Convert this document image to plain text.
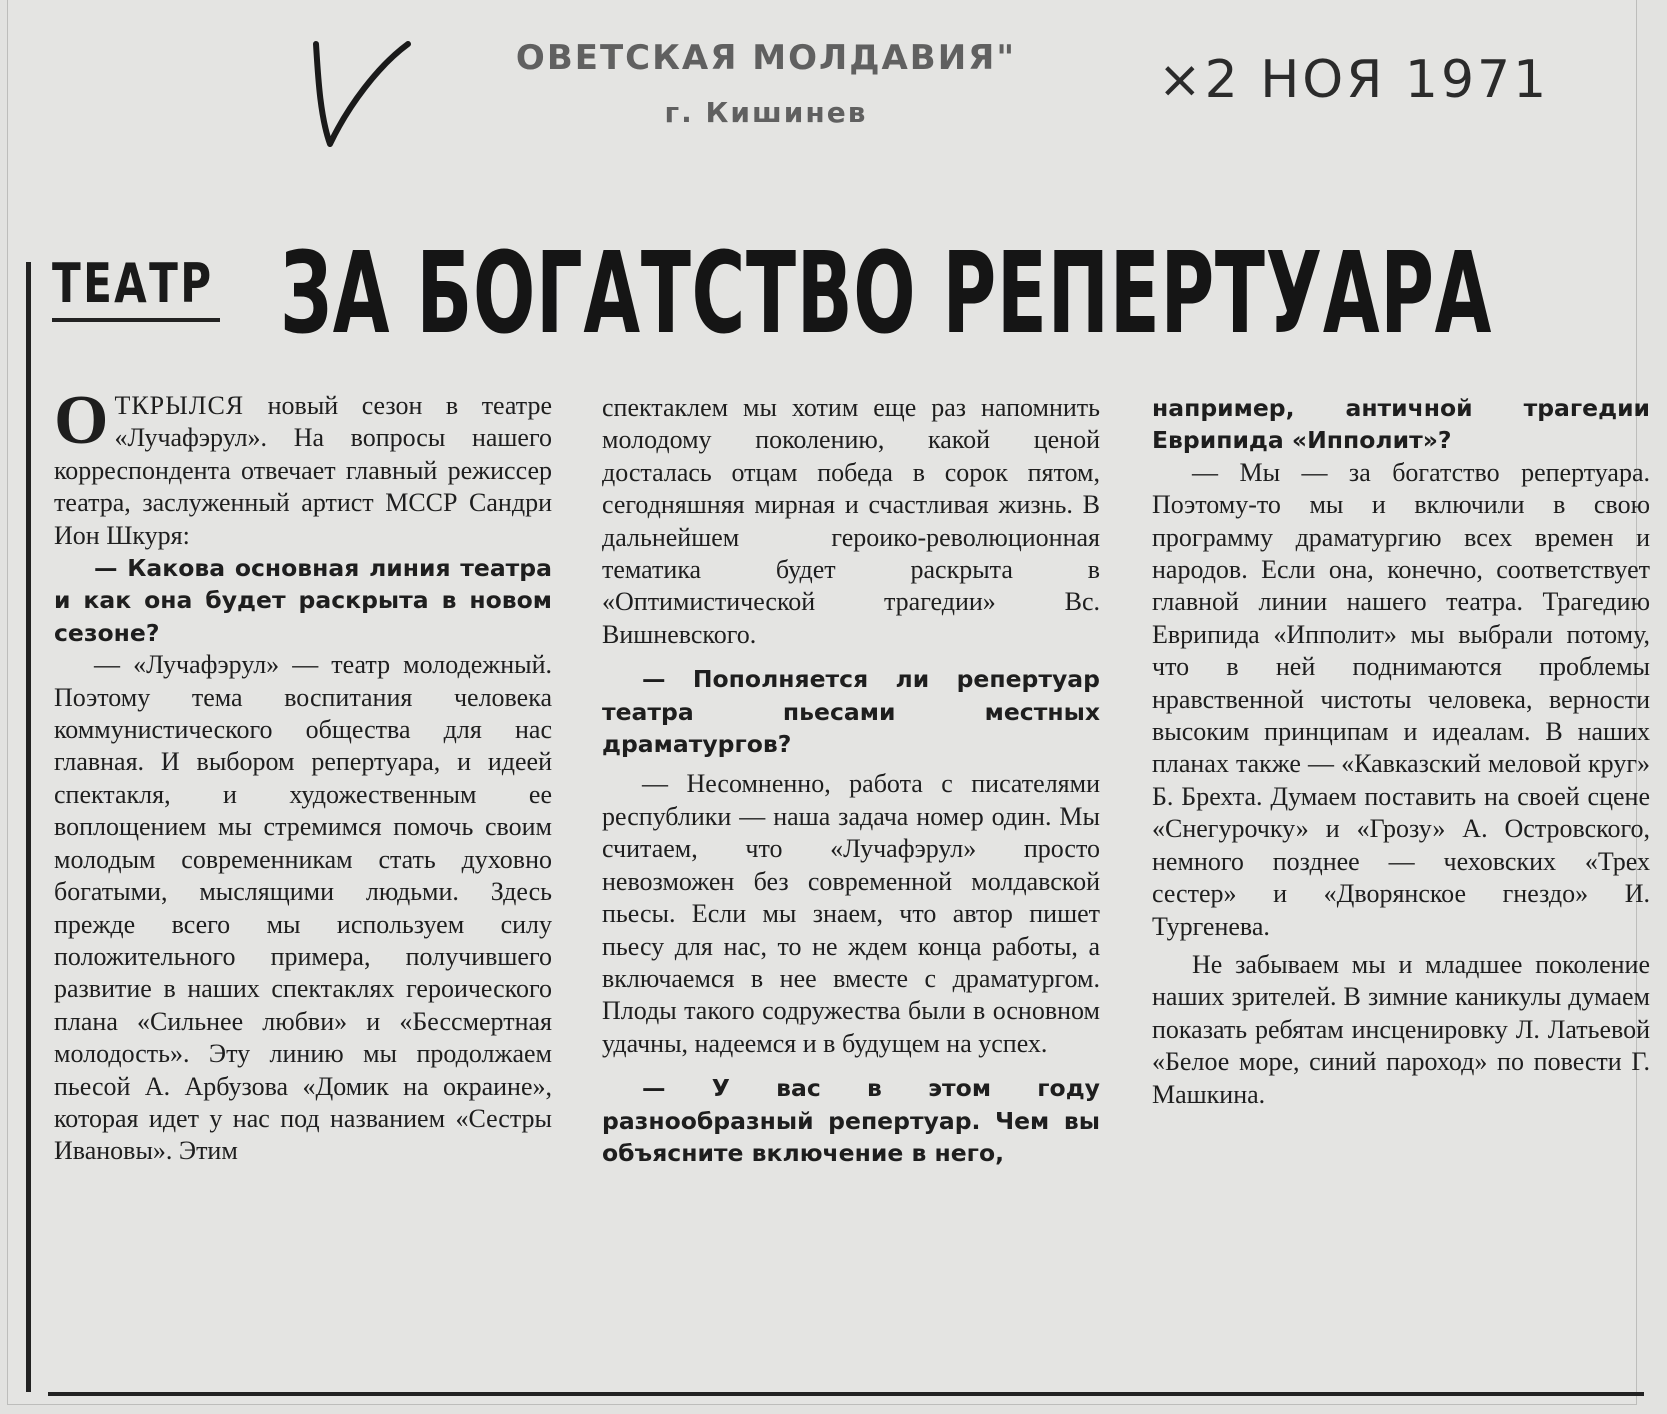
ОВЕТСКАЯ МОЛДАВИЯ"
г. Кишинев
×2 НОЯ 1971
ТЕАТР ЗА БОГАТСТВО РЕПЕРТУАРА

ОТКРЫЛСЯ новый сезон в театре «Лучафэрул». На вопросы нашего корреспондента отвечает главный режиссер театра, заслуженный артист МССР Сандри Ион Шкуря:

— Какова основная линия театра и как она будет раскрыта в новом сезоне?

— «Лучафэрул» — театр молодежный. Поэтому тема воспитания человека коммунистического общества для нас главная. И выбором репертуара, и идеей спектакля, и художественным ее воплощением мы стремимся помочь своим молодым современникам стать духовно богатыми, мыслящими людьми. Здесь прежде всего мы используем силу положительного примера, получившего развитие в наших спектаклях героического плана «Сильнее любви» и «Бессмертная молодость». Эту линию мы продолжаем пьесой А. Арбузова «Домик на окраине», которая идет у нас под названием «Сестры Ивановы». Этим

спектаклем мы хотим еще раз напомнить молодому поколению, какой ценой досталась отцам победа в сорок пятом, сегодняшняя мирная и счастливая жизнь. В дальнейшем героико-революционная тематика будет раскрыта в «Оптимистической трагедии» Вс. Вишневского.

— Пополняется ли репертуар театра пьесами местных драматургов?

— Несомненно, работа с писателями республики — наша задача номер один. Мы считаем, что «Лучафэрул» просто невозможен без современной молдавской пьесы. Если мы знаем, что автор пишет пьесу для нас, то не ждем конца работы, а включаемся в нее вместе с драматургом. Плоды такого содружества были в основном удачны, надеемся и в будущем на успех.

— У вас в этом году разнообразный репертуар. Чем вы объясните включение в него,

например, античной трагедии Еврипида «Ипполит»?

— Мы — за богатство репертуара. Поэтому-то мы и включили в свою программу драматургию всех времен и народов. Если она, конечно, соответствует главной линии нашего театра. Трагедию Еврипида «Ипполит» мы выбрали потому, что в ней поднимаются проблемы нравственной чистоты человека, верности высоким принципам и идеалам. В наших планах также — «Кавказский меловой круг» Б. Брехта. Думаем поставить на своей сцене «Снегурочку» и «Грозу» А. Островского, немного позднее — чеховских «Трех сестер» и «Дворянское гнездо» И. Тургенева.

Не забываем мы и младшее поколение наших зрителей. В зимние каникулы думаем показать ребятам инсценировку Л. Латьевой «Белое море, синий пароход» по повести Г. Машкина.
